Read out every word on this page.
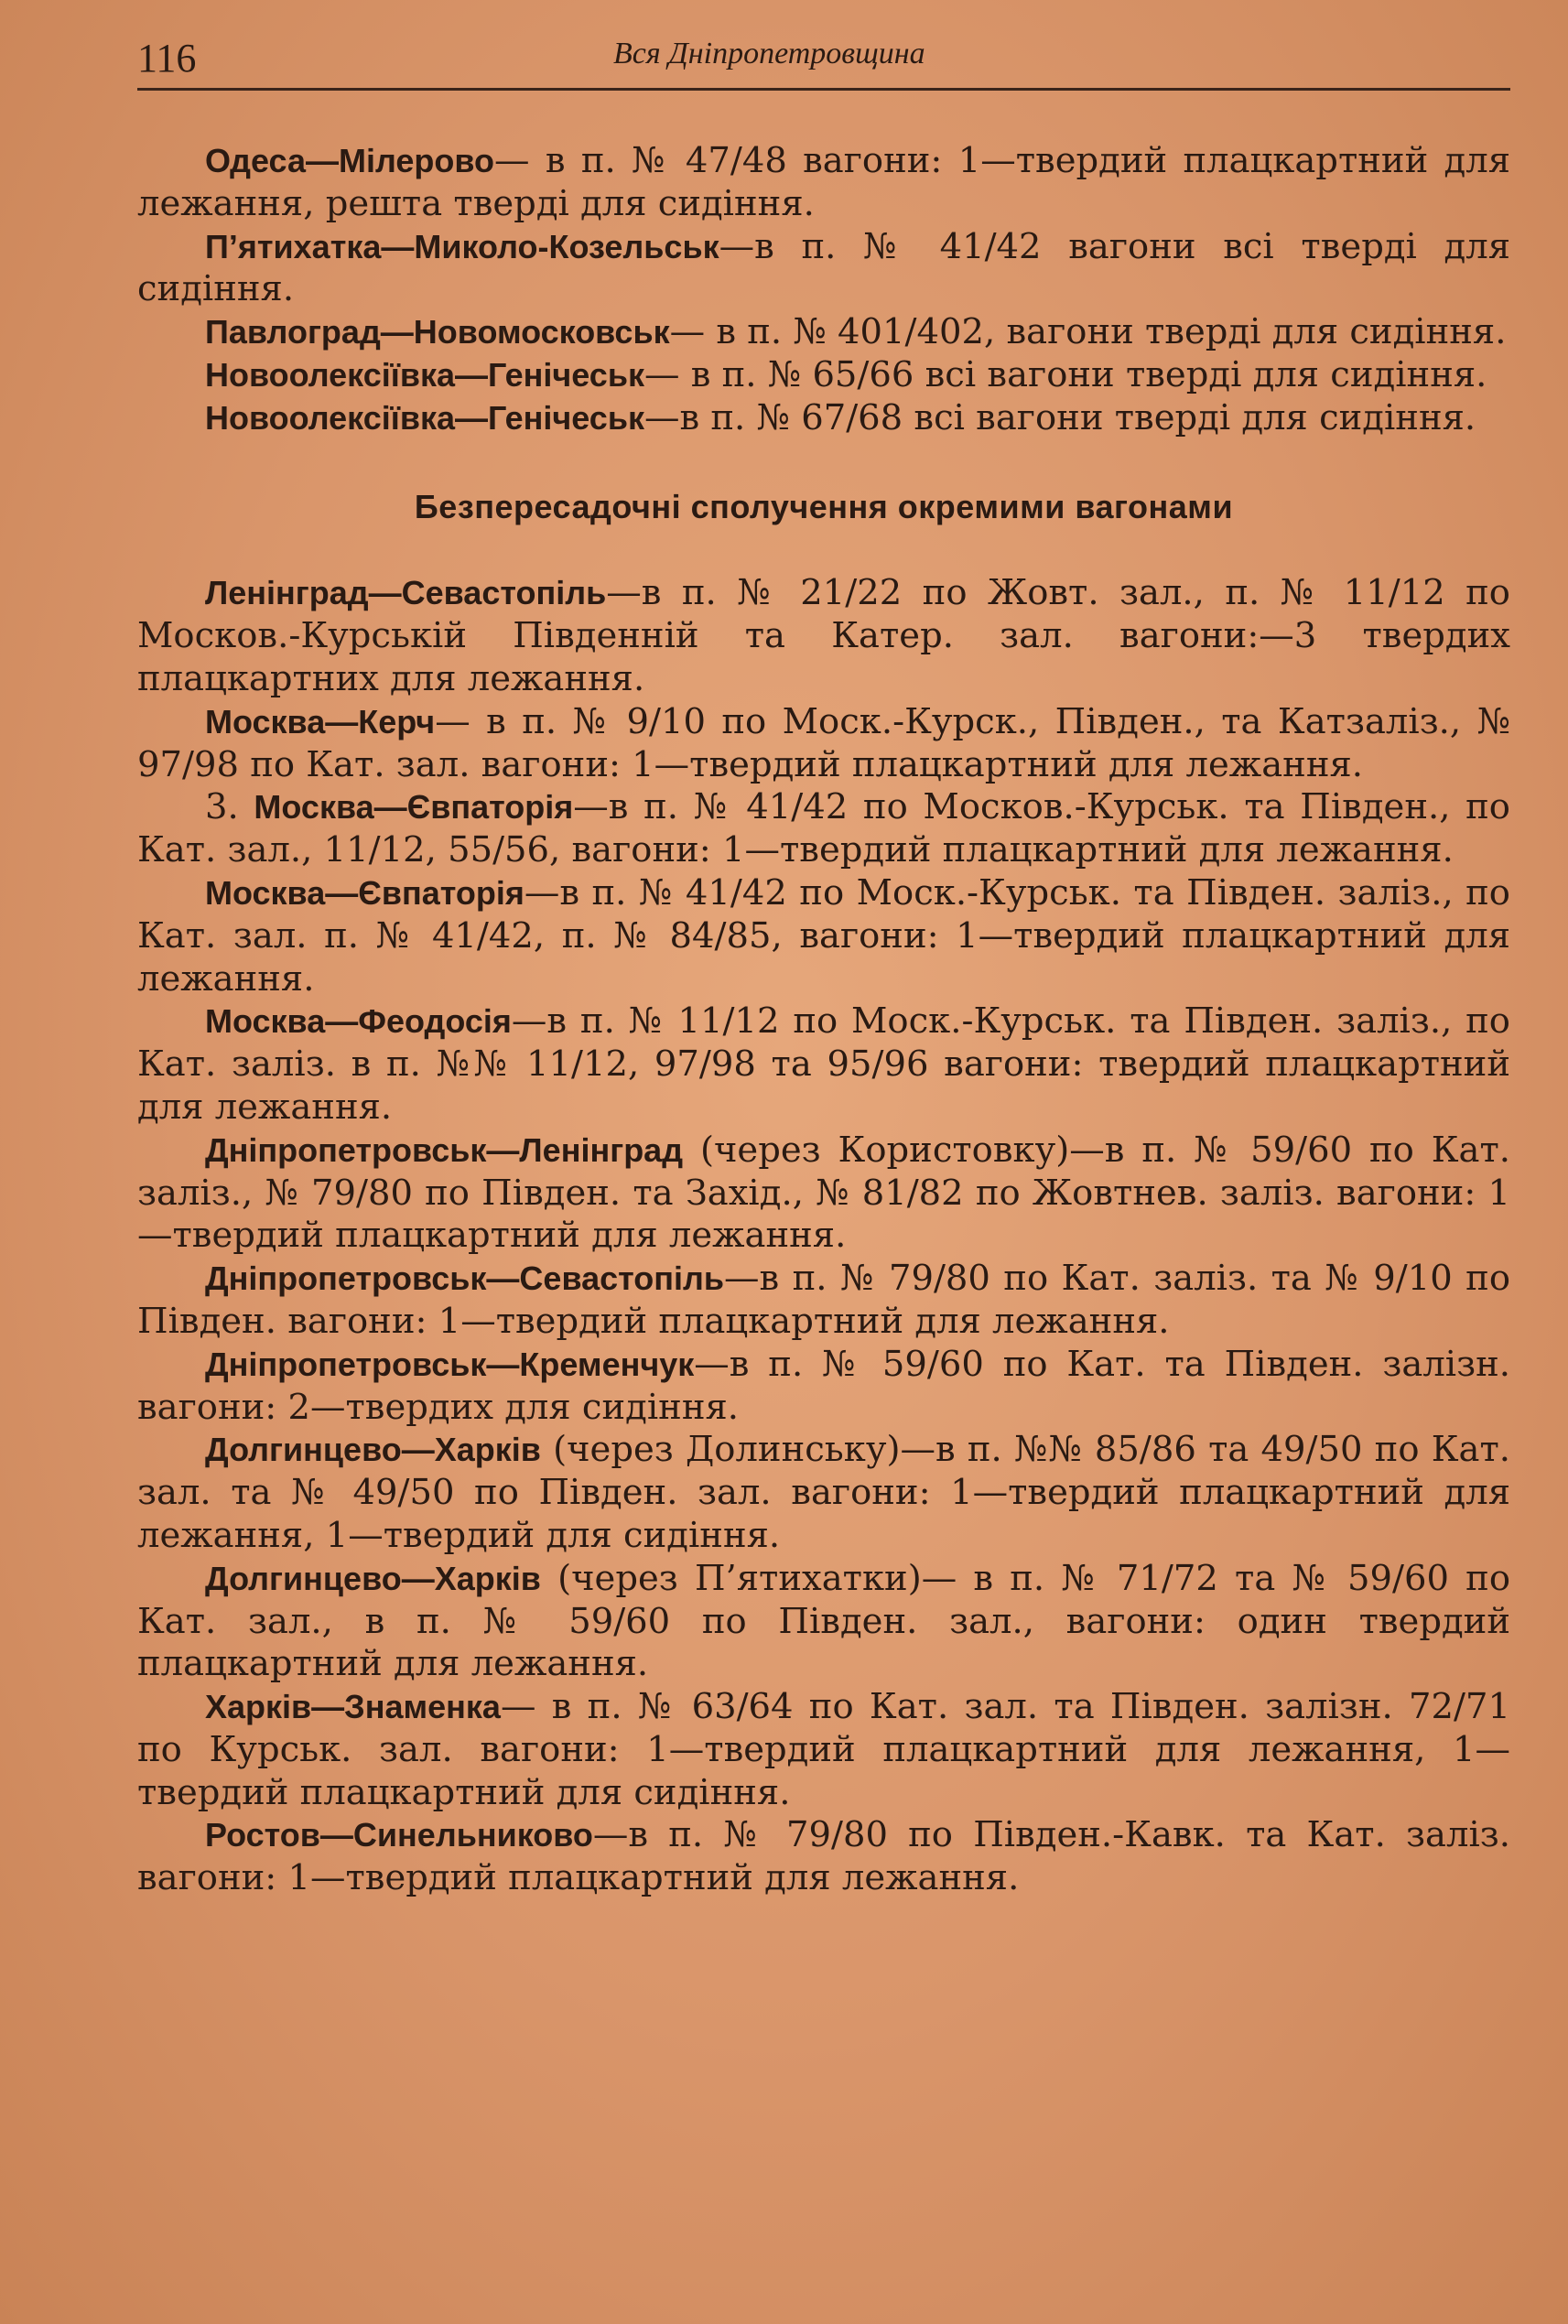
116	Вся Дніпропетровщина

Одеса—Мілерово— в п. № 47/48 вагони: 1—твердий плацкартний для лежання, решта тверді для сидіння.

П’ятихатка—Миколо-Козельськ—в п. № 41/42 вагони всі тверді для сидіння.

Павлоград—Новомосковськ— в п. № 401/402, вагони тверді для сидіння.

Новоолексіївка—Генічеськ— в п. № 65/66 всі вагони тверді для сидіння.

Новоолексіївка—Генічеськ—в п. № 67/68 всі вагони тверді для сидіння.

Безпересадочні сполучення окремими вагонами

Ленінград—Севастопіль—в п. № 21/22 по Жовт. зал., п. № 11/12 по Москов.-Курській Південній та Катер. зал. вагони:—3 твердих плацкартних для лежання.

Москва—Керч— в п. № 9/10 по Моск.-Курск., Півден., та Катзаліз., № 97/98 по Кат. зал. вагони: 1—твердий плацкартний для лежання.

3. Москва—Євпаторія—в п. № 41/42 по Москов.-Курськ. та Півден., по Кат. зал., 11/12, 55/56, вагони: 1—твердий плацкартний для лежання.

Москва—Євпаторія—в п. № 41/42 по Моск.-Курськ. та Півден. заліз., по Кат. зал. п. № 41/42, п. № 84/85, вагони: 1—твердий плацкартний для лежання.

Москва—Феодосія—в п. № 11/12 по Моск.-Курськ. та Півден. заліз., по Кат. заліз. в п. №№ 11/12, 97/98 та 95/96 вагони: твердий плацкартний для лежання.

Дніпропетровськ—Ленінград (через Користовку)—в п. № 59/60 по Кат. заліз., № 79/80 по Півден. та Захід., № 81/82 по Жовтнев. заліз. вагони: 1—твердий плацкартний для лежання.

Дніпропетровськ—Севастопіль—в п. № 79/80 по Кат. заліз. та № 9/10 по Півден. вагони: 1—твердий плацкартний для лежання.

Дніпропетровськ—Кременчук—в п. № 59/60 по Кат. та Півден. залізн. вагони: 2—твердих для сидіння.

Долгинцево—Харків (через Долинську)—в п. №№ 85/86 та 49/50 по Кат. зал. та № 49/50 по Півден. зал. вагони: 1—твердий плацкартний для лежання, 1—твердий для сидіння.

Долгинцево—Харків (через П’ятихатки)— в п. № 71/72 та № 59/60 по Кат. зал., в п. № 59/60 по Півден. зал., вагони: один твердий плацкартний для лежання.

Харків—Знаменка— в п. № 63/64 по Кат. зал. та Півден. залізн. 72/71 по Курськ. зал. вагони: 1—твердий плацкартний для лежання, 1—твердий плацкартний для сидіння.

Ростов—Синельниково—в п. № 79/80 по Півден.-Кавк. та Кат. заліз. вагони: 1—твердий плацкартний для лежання.
